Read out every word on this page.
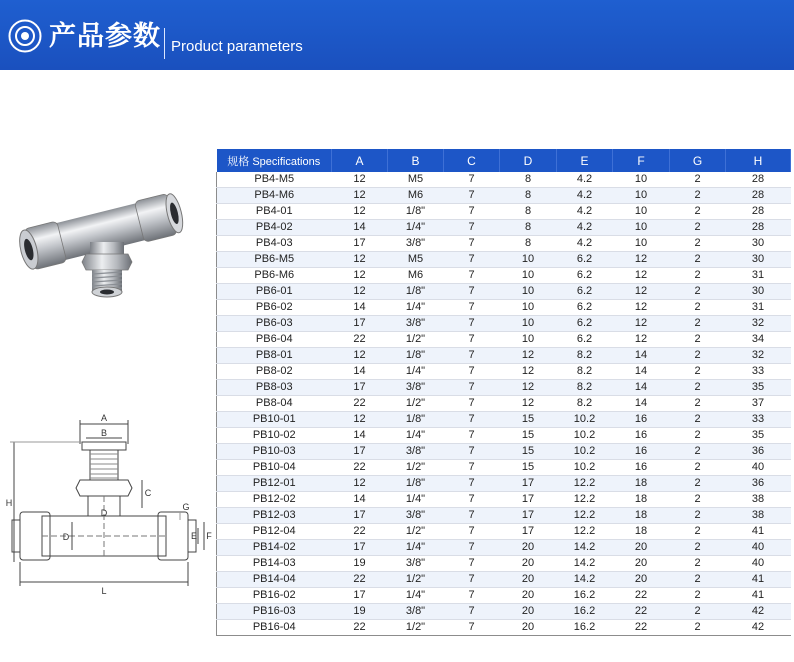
产品参数 Product parameters
A
B
C
D
D
G
E F
H
L
规格 Specifications	A	B	C	D	E	F	G	H
PB4-M5	12	M5	7	8	4.2	10	2	28
PB4-M6	12	M6	7	8	4.2	10	2	28
PB4-01	12	1/8"	7	8	4.2	10	2	28
PB4-02	14	1/4"	7	8	4.2	10	2	28
PB4-03	17	3/8"	7	8	4.2	10	2	30
PB6-M5	12	M5	7	10	6.2	12	2	30
PB6-M6	12	M6	7	10	6.2	12	2	31
PB6-01	12	1/8"	7	10	6.2	12	2	30
PB6-02	14	1/4"	7	10	6.2	12	2	31
PB6-03	17	3/8"	7	10	6.2	12	2	32
PB6-04	22	1/2"	7	10	6.2	12	2	34
PB8-01	12	1/8"	7	12	8.2	14	2	32
PB8-02	14	1/4"	7	12	8.2	14	2	33
PB8-03	17	3/8"	7	12	8.2	14	2	35
PB8-04	22	1/2"	7	12	8.2	14	2	37
PB10-01	12	1/8"	7	15	10.2	16	2	33
PB10-02	14	1/4"	7	15	10.2	16	2	35
PB10-03	17	3/8"	7	15	10.2	16	2	36
PB10-04	22	1/2"	7	15	10.2	16	2	40
PB12-01	12	1/8"	7	17	12.2	18	2	36
PB12-02	14	1/4"	7	17	12.2	18	2	38
PB12-03	17	3/8"	7	17	12.2	18	2	38
PB12-04	22	1/2"	7	17	12.2	18	2	41
PB14-02	17	1/4"	7	20	14.2	20	2	40
PB14-03	19	3/8"	7	20	14.2	20	2	40
PB14-04	22	1/2"	7	20	14.2	20	2	41
PB16-02	17	1/4"	7	20	16.2	22	2	41
PB16-03	19	3/8"	7	20	16.2	22	2	42
PB16-04	22	1/2"	7	20	16.2	22	2	42
